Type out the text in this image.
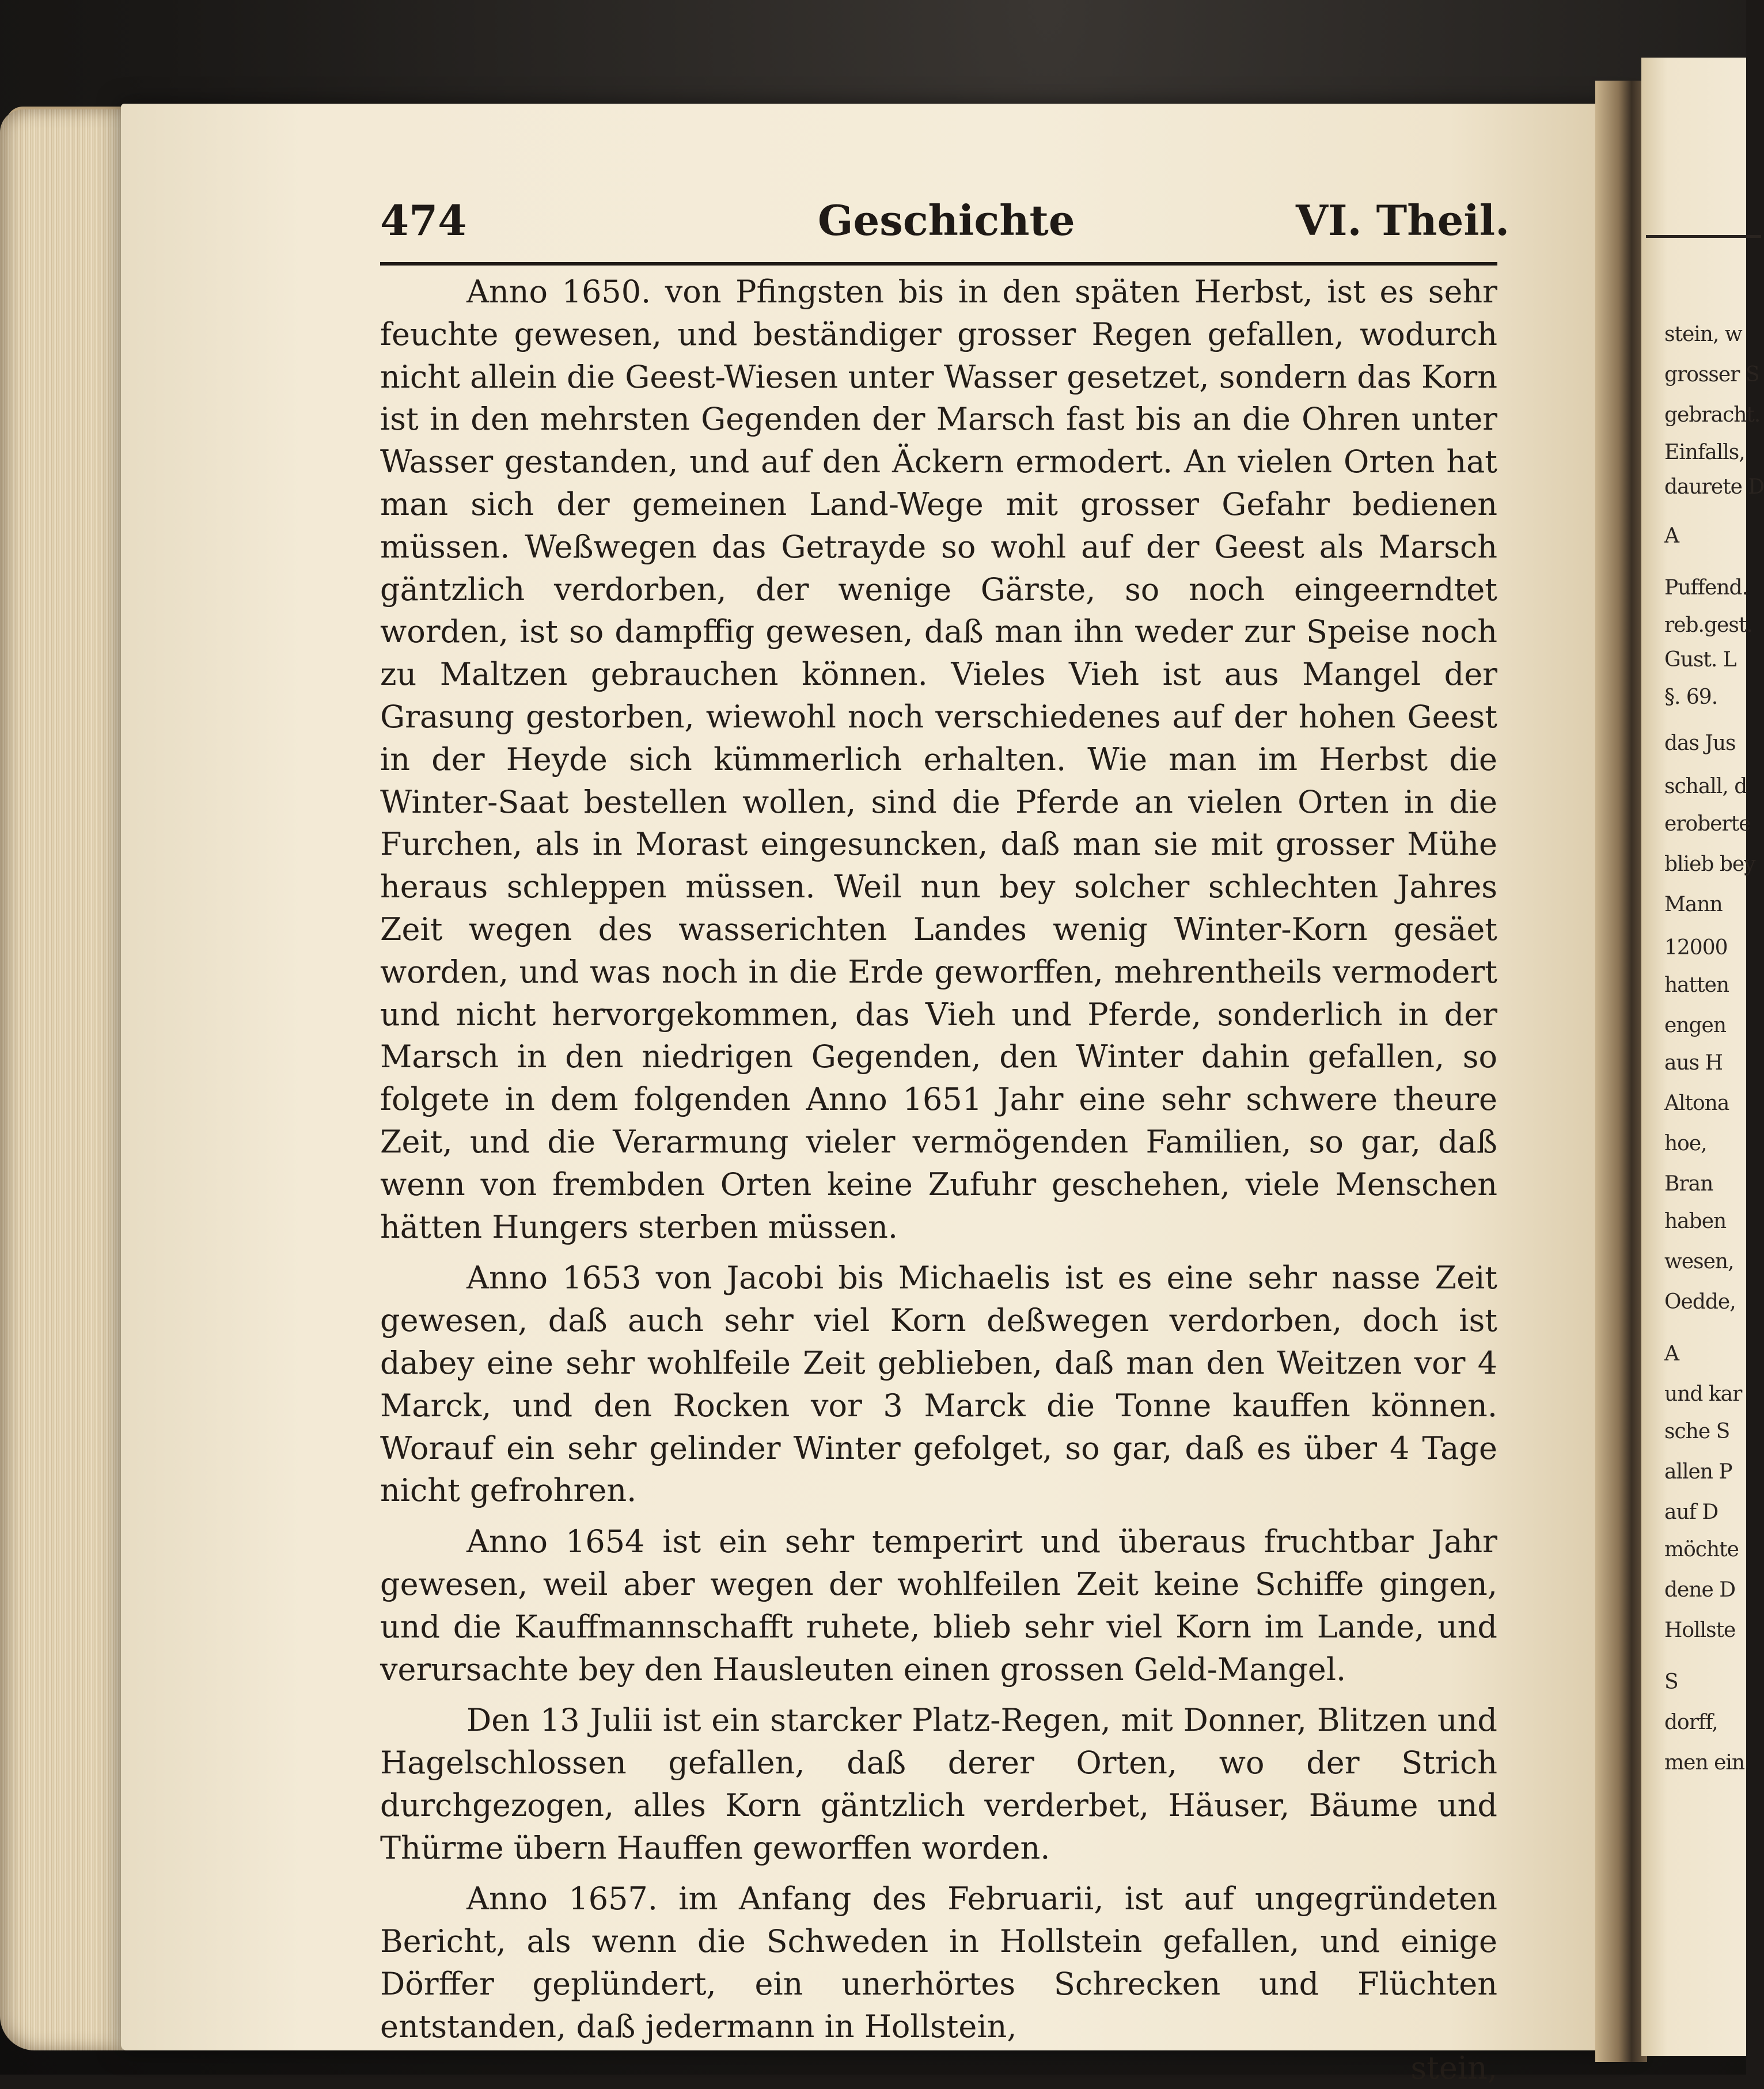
stein, w
grosser S
gebracht.
Einfalls,
daurete D
A
Puffend.
reb.gest.
Gust. L
§. 69.
das Jus
schall, d
eroberte
blieb bey
Mann
12000
hatten
engen
aus H
Altona
hoe,
Bran
haben
wesen,
Oedde,
A
und kar
sche S
allen P
auf D
möchte
dene D
Hollste
S
dorff,
men ein
474	Geschichte	VI. Theil.

Anno 1650. von Pfingsten bis in den späten Herbst, ist es sehr feuchte gewesen, und beständiger grosser Regen gefallen, wodurch nicht allein die Geest-Wiesen unter Wasser gesetzet, sondern das Korn ist in den mehrsten Gegenden der Marsch fast bis an die Ohren unter Wasser gestanden, und auf den Äckern ermodert. An vielen Orten hat man sich der gemeinen Land-Wege mit grosser Gefahr bedienen müssen. Weßwegen das Getraydе so wohl auf der Geest als Marsch gäntzlich verdorben, der wenige Gärste, so noch eingeerndtet worden, ist so dampffig gewesen, daß man ihn weder zur Speise noch zu Maltzen gebrauchen können. Vieles Vieh ist aus Mangel der Grasung gestorben, wiewohl noch verschiedenes auf der hohen Geest in der Heyde sich kümmerlich erhalten. Wie man im Herbst die Winter-Saat bestellen wollen, sind die Pferde an vielen Orten in die Furchen, als in Morast eingesuncken, daß man sie mit grosser Mühe heraus schleppen müssen. Weil nun bey solcher schlechten Jahres Zeit wegen des wasserichten Landes wenig Winter-Korn gesäet worden, und was noch in die Erde geworffen, mehrentheils vermodert und nicht hervorgekommen, das Vieh und Pferde, sonderlich in der Marsch in den niedrigen Gegenden, den Winter dahin gefallen, so folgete in dem folgenden Anno 1651 Jahr eine sehr schwere theure Zeit, und die Verarmung vieler vermögenden Familien, so gar, daß wenn von frembden Orten keine Zufuhr geschehen, viele Menschen hätten Hungers sterben müssen.

Anno 1653 von Jacobi bis Michaelis ist es eine sehr nasse Zeit gewesen, daß auch sehr viel Korn deßwegen verdorben, doch ist dabey eine sehr wohlfeile Zeit geblieben, daß man den Weitzen vor 4 Marck, und den Rocken vor 3 Marck die Tonne kauffen können. Worauf ein sehr gelinder Winter gefolget, so gar, daß es über 4 Tage nicht gefrohren.

Anno 1654 ist ein sehr temperirt und überaus fruchtbar Jahr gewesen, weil aber wegen der wohlfeilen Zeit keine Schiffe gingen, und die Kauffmannschafft ruhete, blieb sehr viel Korn im Lande, und verursachte bey den Hausleuten einen grossen Geld-Mangel.

Den 13 Julii ist ein starcker Platz-Regen, mit Donner, Blitzen und Hagelschlossen gefallen, daß derer Orten, wo der Strich durchgezogen, alles Korn gäntzlich verderbet, Häuser, Bäume und Thürme übern Hauffen geworffen worden.

Anno 1657. im Anfang des Februarii, ist auf ungegründeten Bericht, als wenn die Schweden in Hollstein gefallen, und einige Dörffer geplündert, ein unerhörtes Schrecken und Flüchten entstanden, daß jedermann in Hollstein,

stein,
